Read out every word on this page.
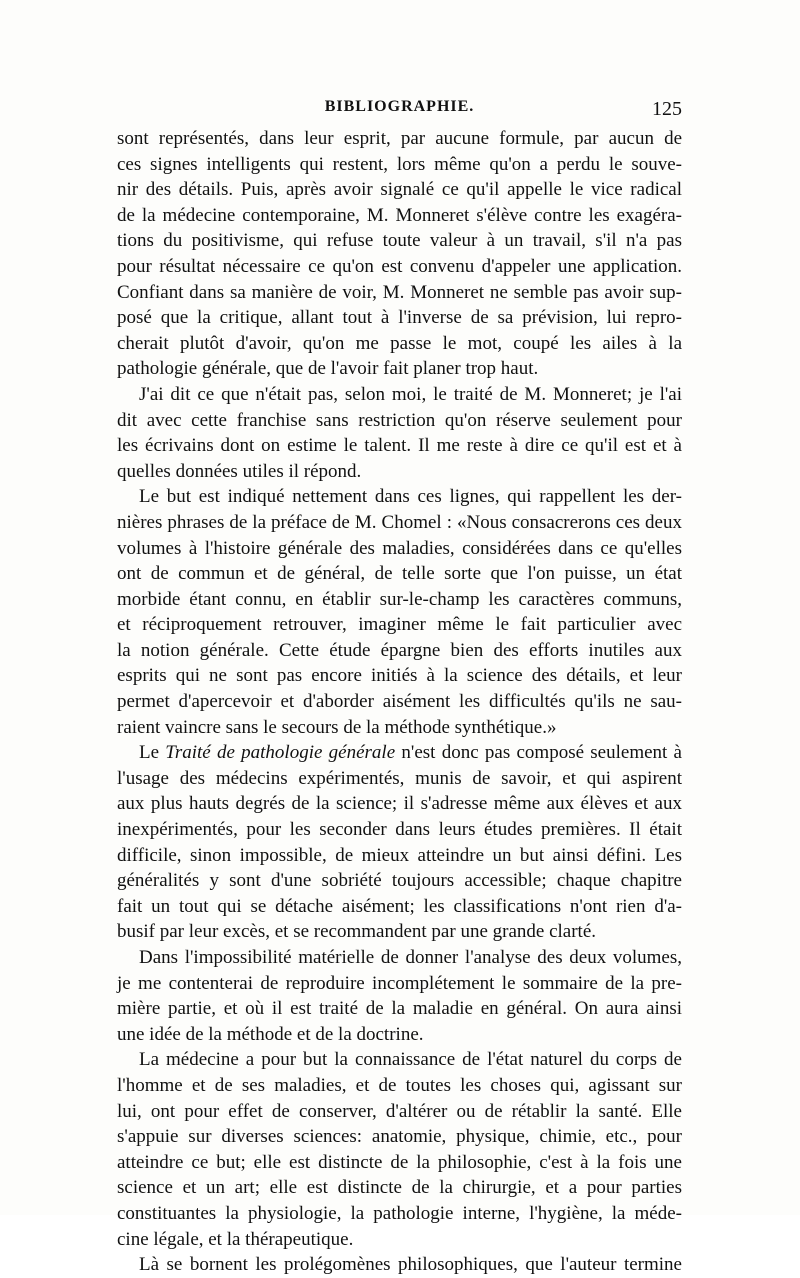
BIBLIOGRAPHIE.	125
sont représentés, dans leur esprit, par aucune formule, par aucun de
ces signes intelligents qui restent, lors même qu'on a perdu le souve-
nir des détails. Puis, après avoir signalé ce qu'il appelle le vice radical
de la médecine contemporaine, M. Monneret s'élève contre les exagéra-
tions du positivisme, qui refuse toute valeur à un travail, s'il n'a pas
pour résultat nécessaire ce qu'on est convenu d'appeler une application.
Confiant dans sa manière de voir, M. Monneret ne semble pas avoir sup-
posé que la critique, allant tout à l'inverse de sa prévision, lui repro-
cherait plutôt d'avoir, qu'on me passe le mot, coupé les ailes à la
pathologie générale, que de l'avoir fait planer trop haut.
J'ai dit ce que n'était pas, selon moi, le traité de M. Monneret; je l'ai
dit avec cette franchise sans restriction qu'on réserve seulement pour
les écrivains dont on estime le talent. Il me reste à dire ce qu'il est et à
quelles données utiles il répond.
Le but est indiqué nettement dans ces lignes, qui rappellent les der-
nières phrases de la préface de M. Chomel : «Nous consacrerons ces deux
volumes à l'histoire générale des maladies, considérées dans ce qu'elles
ont de commun et de général, de telle sorte que l'on puisse, un état
morbide étant connu, en établir sur-le-champ les caractères communs,
et réciproquement retrouver, imaginer même le fait particulier avec
la notion générale. Cette étude épargne bien des efforts inutiles aux
esprits qui ne sont pas encore initiés à la science des détails, et leur
permet d'apercevoir et d'aborder aisément les difficultés qu'ils ne sau-
raient vaincre sans le secours de la méthode synthétique.»
Le Traité de pathologie générale n'est donc pas composé seulement à
l'usage des médecins expérimentés, munis de savoir, et qui aspirent
aux plus hauts degrés de la science; il s'adresse même aux élèves et aux
inexpérimentés, pour les seconder dans leurs études premières. Il était
difficile, sinon impossible, de mieux atteindre un but ainsi défini. Les
généralités y sont d'une sobriété toujours accessible; chaque chapitre
fait un tout qui se détache aisément; les classifications n'ont rien d'a-
busif par leur excès, et se recommandent par une grande clarté.
Dans l'impossibilité matérielle de donner l'analyse des deux volumes,
je me contenterai de reproduire incomplétement le sommaire de la pre-
mière partie, et où il est traité de la maladie en général. On aura ainsi
une idée de la méthode et de la doctrine.
La médecine a pour but la connaissance de l'état naturel du corps de
l'homme et de ses maladies, et de toutes les choses qui, agissant sur
lui, ont pour effet de conserver, d'altérer ou de rétablir la santé. Elle
s'appuie sur diverses sciences: anatomie, physique, chimie, etc., pour
atteindre ce but; elle est distincte de la philosophie, c'est à la fois une
science et un art; elle est distincte de la chirurgie, et a pour parties
constituantes la physiologie, la pathologie interne, l'hygiène, la méde-
cine légale, et la thérapeutique.
Là se bornent les prolégomènes philosophiques, que l'auteur termine
